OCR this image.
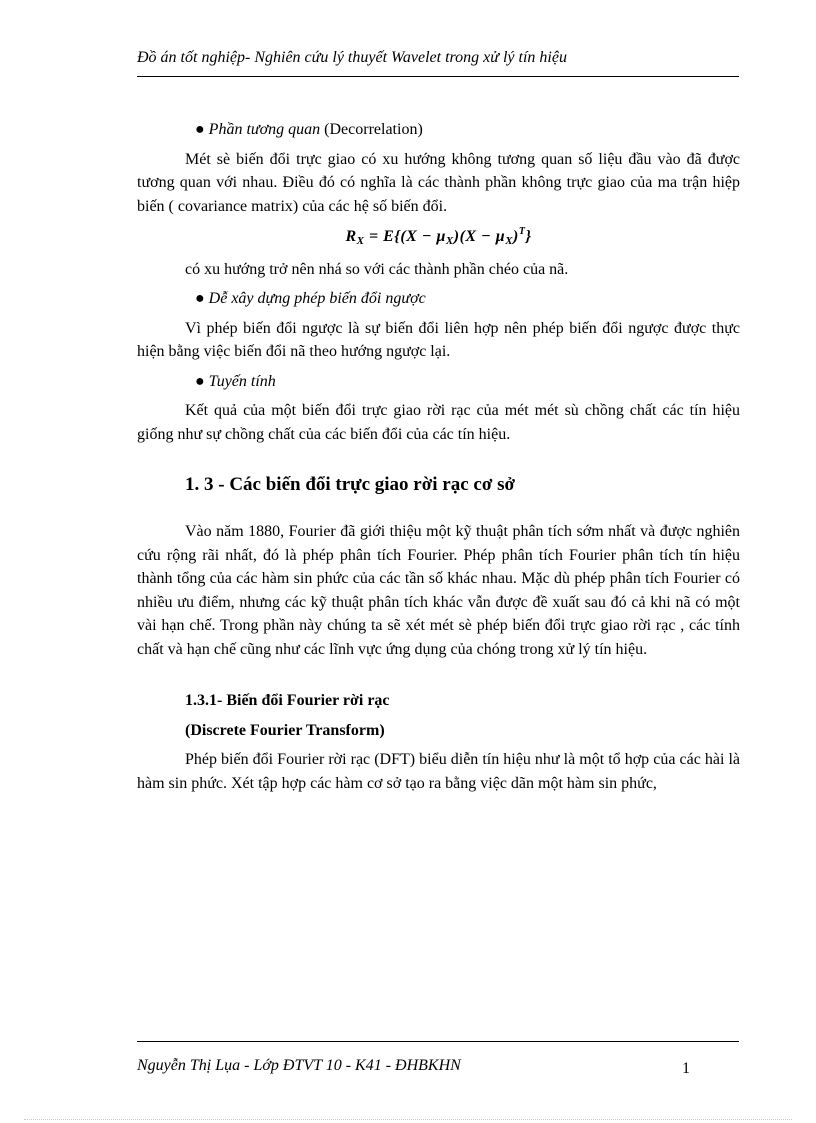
Đồ án tốt nghiệp- Nghiên cứu lý thuyết Wavelet trong xử lý tín hiệu

● Phần tương quan (Decorrelation)

Mét sè biến đổi trực giao có xu hướng không tương quan số liệu đầu vào đã được tương quan với nhau. Điều đó có nghĩa là các thành phần không trực giao của ma trận hiệp biến ( covariance matrix) của các hệ số biến đổi.

$R_X = E\{(X - \mu_X)(X - \mu_X)^T\}$

có xu hướng trở nên nhá so với các thành phần chéo của nã.

● Dễ xây dựng phép biến đổi ngược

Vì phép biến đổi ngược là sự biến đổi liên hợp nên phép biến đổi ngược được thực hiện bằng việc biến đổi nã theo hướng ngược lại.

● Tuyến tính

Kết quả của một biến đổi trực giao rời rạc của mét mét sù chồng chất các tín hiệu giống như sự chồng chất của các biến đổi của các tín hiệu.

1. 3 - Các biến đổi trực giao rời rạc cơ sở

Vào năm 1880, Fourier đã giới thiệu một kỹ thuật phân tích sớm nhất và được nghiên cứu rộng rãi nhất, đó là phép phân tích Fourier. Phép phân tích Fourier phân tích tín hiệu thành tổng của các hàm sin phức của các tần số khác nhau. Mặc dù phép phân tích Fourier có nhiều ưu điểm, nhưng các kỹ thuật phân tích khác vẫn được đề xuất sau đó cả khi nã có một vài hạn chế. Trong phần này chúng ta sẽ xét mét sè phép biến đổi trực giao rời rạc , các tính chất và hạn chế cũng như các lĩnh vực ứng dụng của chóng trong xử lý tín hiệu.

1.3.1- Biến đổi Fourier rời rạc

(Discrete Fourier Transform)

Phép biến đổi Fourier rời rạc (DFT) biểu diễn tín hiệu như là một tổ hợp của các hài là hàm sin phức. Xét tập hợp các hàm cơ sở tạo ra bằng việc dãn một hàm sin phức,

Nguyễn Thị Lụa - Lớp ĐTVT 10 - K41 - ĐHBKHN	1
